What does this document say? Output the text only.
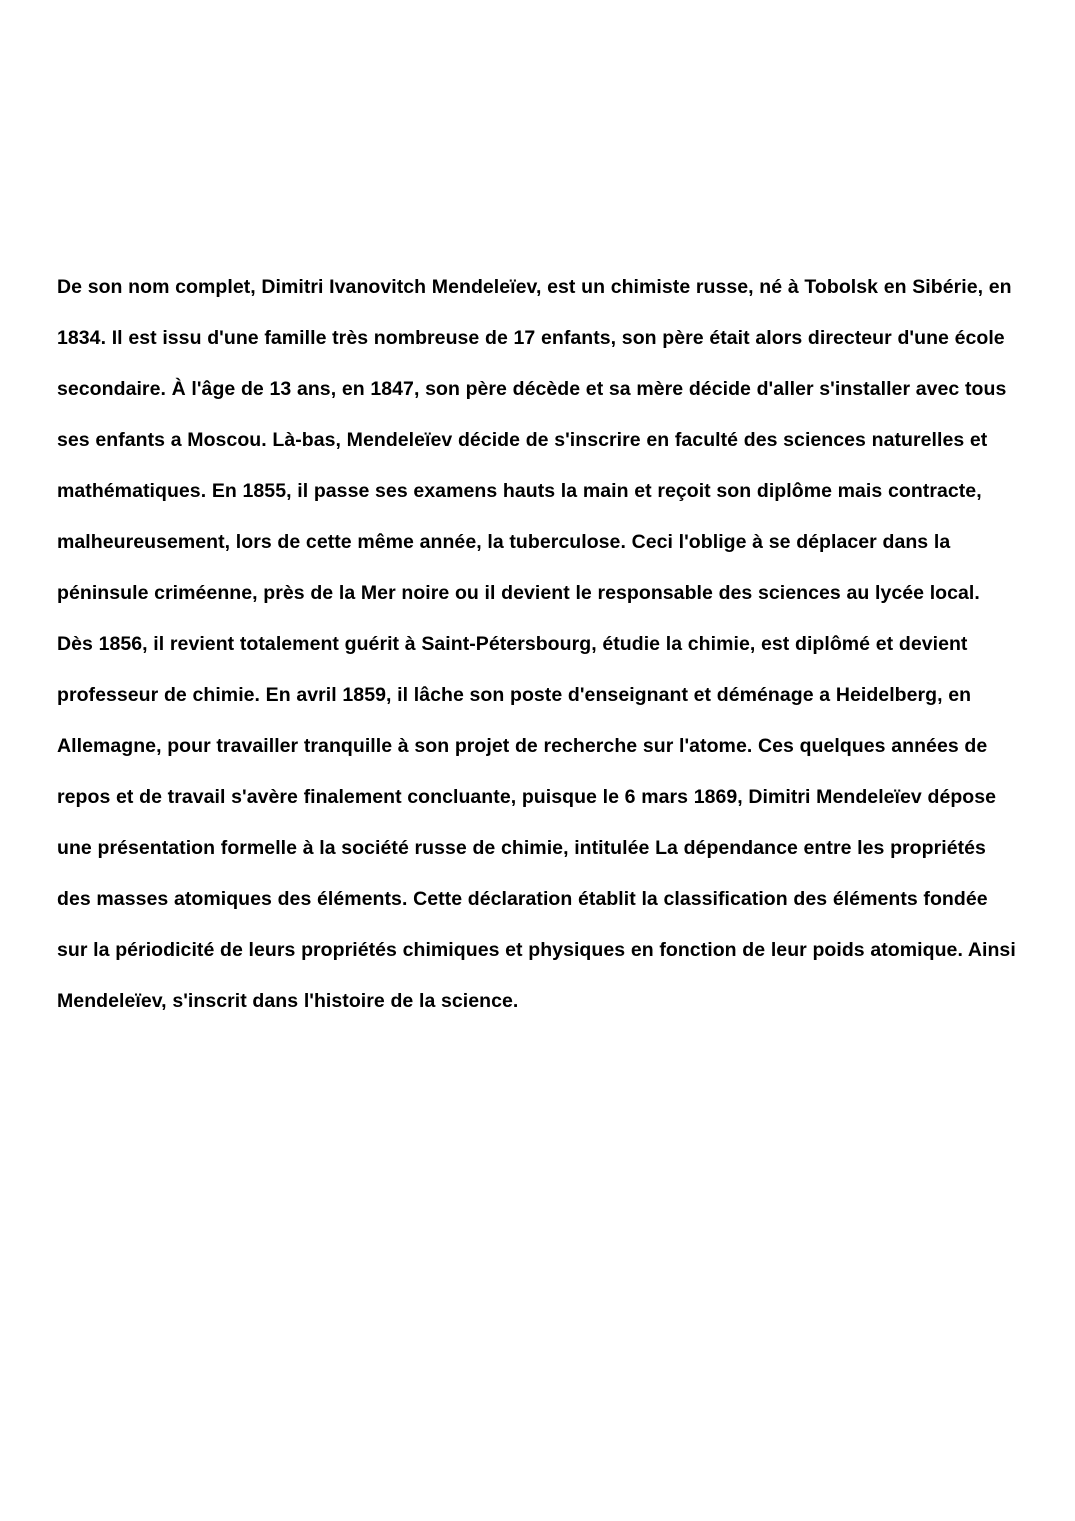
De son nom complet, Dimitri Ivanovitch Mendeleïev, est un chimiste russe, né à Tobolsk en Sibérie, en 1834. Il est issu d'une famille très nombreuse de 17 enfants, son père était alors directeur d'une école secondaire. À l'âge de 13 ans, en 1847, son père décède et sa mère décide d'aller s'installer avec tous ses enfants a Moscou. Là-bas, Mendeleïev décide de s'inscrire en faculté des sciences naturelles et mathématiques. En 1855, il passe ses examens hauts la main et reçoit son diplôme mais contracte, malheureusement, lors de cette même année, la tuberculose. Ceci l'oblige à se déplacer dans la péninsule criméenne, près de la Mer noire ou il devient le responsable des sciences au lycée local. Dès 1856, il revient totalement guérit à Saint-Pétersbourg, étudie la chimie, est diplômé et devient professeur de chimie. En avril 1859, il lâche son poste d'enseignant et déménage a Heidelberg, en Allemagne, pour travailler tranquille à son projet de recherche sur l'atome. Ces quelques années de repos et de travail s'avère finalement concluante, puisque le 6 mars 1869, Dimitri Mendeleïev dépose une présentation formelle à la société russe de chimie, intitulée La dépendance entre les propriétés des masses atomiques des éléments. Cette déclaration établit la classification des éléments fondée sur la périodicité de leurs propriétés chimiques et physiques en fonction de leur poids atomique. Ainsi Mendeleïev, s'inscrit dans l'histoire de la science.
